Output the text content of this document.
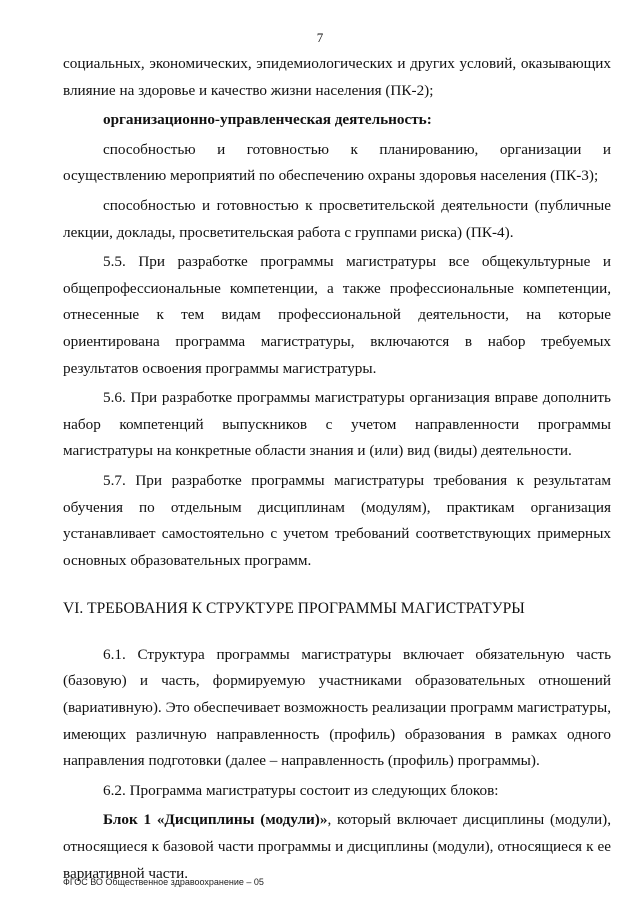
7

социальных, экономических, эпидемиологических и других условий, оказывающих влияние на здоровье и качество жизни населения (ПК-2);

организационно-управленческая деятельность:

способностью и готовностью к планированию, организации и осуществлению мероприятий по обеспечению охраны здоровья населения (ПК-3);

способностью и готовностью к просветительской деятельности (публичные лекции, доклады, просветительская работа с группами риска) (ПК-4).

5.5. При разработке программы магистратуры все общекультурные и общепрофессиональные компетенции, а также профессиональные компетенции, отнесенные к тем видам профессиональной деятельности, на которые ориентирована программа магистратуры, включаются в набор требуемых результатов освоения программы магистратуры.

5.6. При разработке программы магистратуры организация вправе дополнить набор компетенций выпускников с учетом направленности программы магистратуры на конкретные области знания и (или) вид (виды) деятельности.

5.7. При разработке программы магистратуры требования к результатам обучения по отдельным дисциплинам (модулям), практикам организация устанавливает самостоятельно с учетом требований соответствующих примерных основных образовательных программ.

VI. ТРЕБОВАНИЯ К СТРУКТУРЕ ПРОГРАММЫ МАГИСТРАТУРЫ

6.1. Структура программы магистратуры включает обязательную часть (базовую) и часть, формируемую участниками образовательных отношений (вариативную). Это обеспечивает возможность реализации программ магистратуры, имеющих различную направленность (профиль) образования в рамках одного направления подготовки (далее – направленность (профиль) программы).

6.2. Программа магистратуры состоит из следующих блоков:

Блок 1 «Дисциплины (модули)», который включает дисциплины (модули), относящиеся к базовой части программы и дисциплины (модули), относящиеся к ее вариативной части.

ФГОС ВО Общественное здравоохранение – 05
